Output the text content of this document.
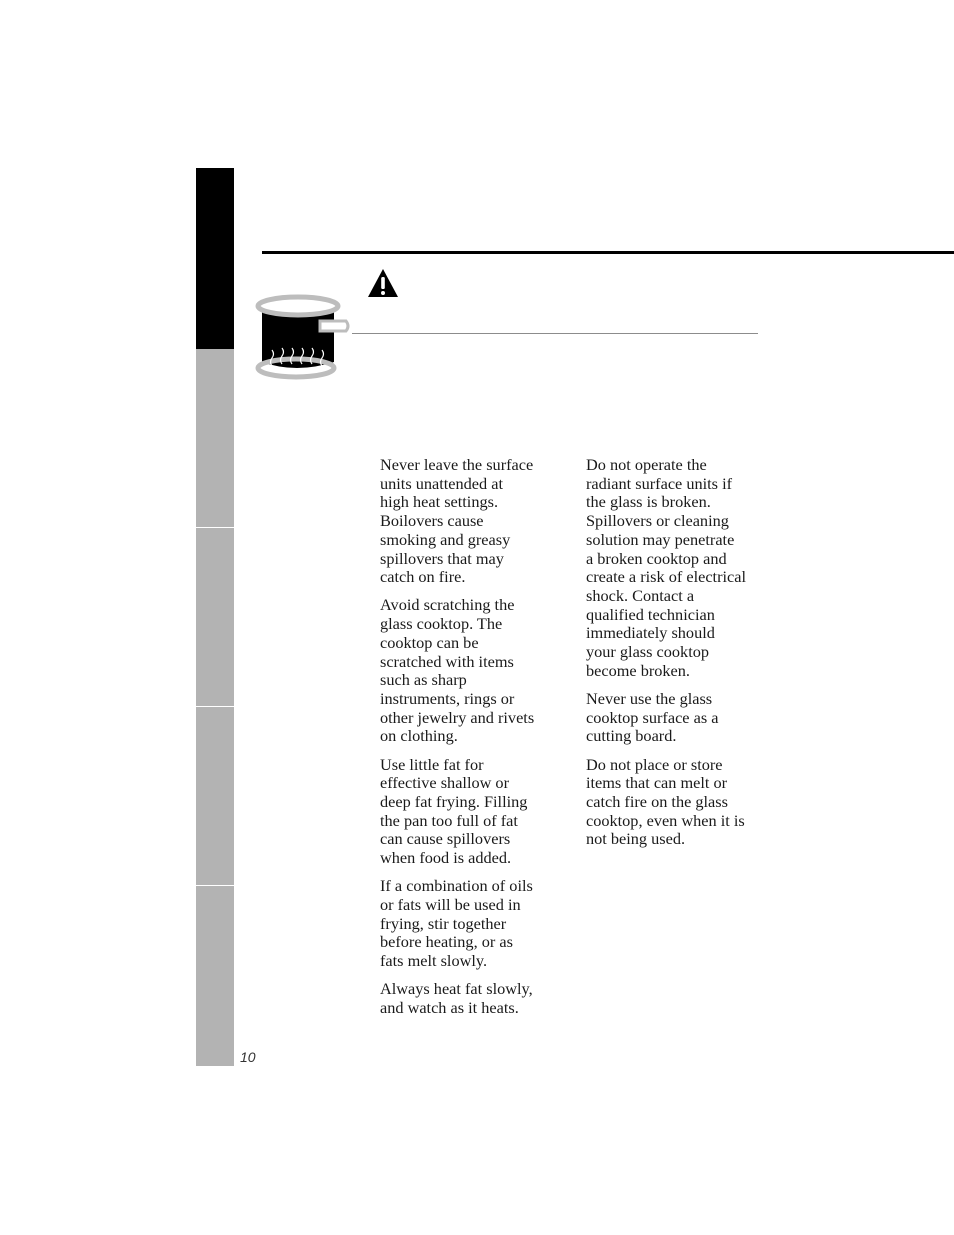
Never leave the surface
units unattended at
high heat settings.
Boilovers cause
smoking and greasy
spillovers that may
catch on fire.

Avoid scratching the
glass cooktop. The
cooktop can be
scratched with items
such as sharp
instruments, rings or
other jewelry and rivets
on clothing.

Use little fat for
effective shallow or
deep fat frying. Filling
the pan too full of fat
can cause spillovers
when food is added.

If a combination of oils
or fats will be used in
frying, stir together
before heating, or as
fats melt slowly.

Always heat fat slowly,
and watch as it heats.

Do not operate the
radiant surface units if
the glass is broken.
Spillovers or cleaning
solution may penetrate
a broken cooktop and
create a risk of electrical
shock. Contact a
qualified technician
immediately should
your glass cooktop
become broken.

Never use the glass
cooktop surface as a
cutting board.

Do not place or store
items that can melt or
catch fire on the glass
cooktop, even when it is
not being used.

10
